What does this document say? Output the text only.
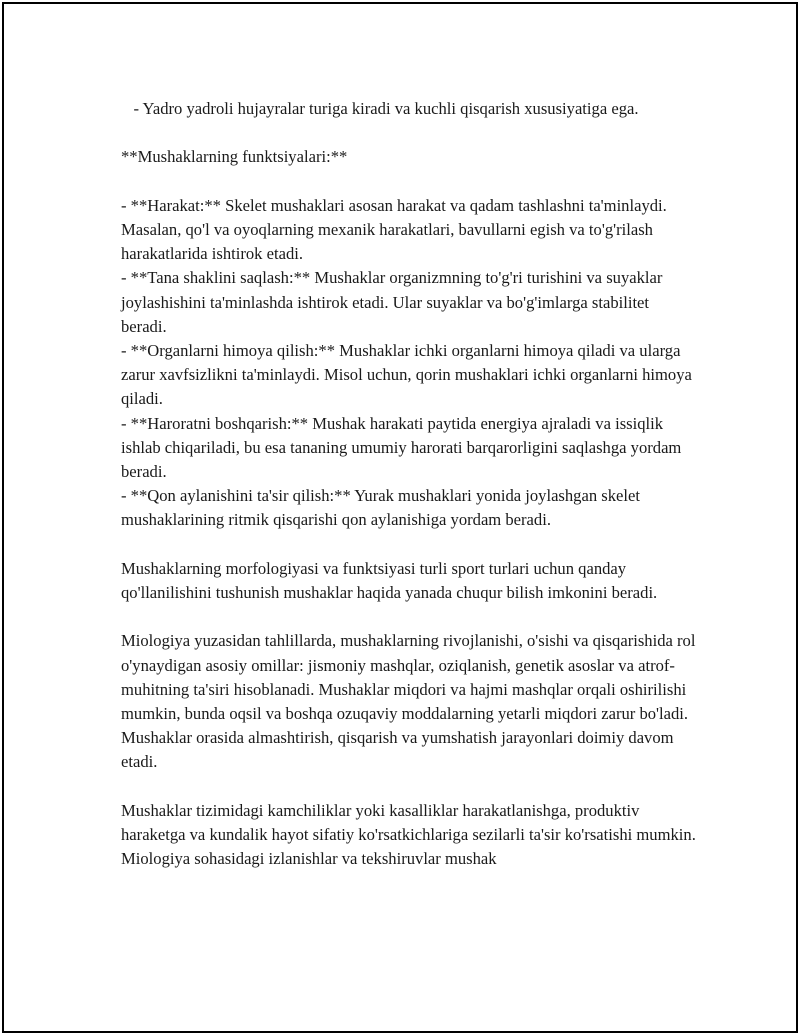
- Yadro yadroli hujayralar turiga kiradi va kuchli qisqarish xususiyatiga ega.

**Mushaklarning funktsiyalari:**

- **Harakat:** Skelet mushaklari asosan harakat va qadam tashlashni ta'minlaydi. Masalan, qo'l va oyoqlarning mexanik harakatlari, bavullarni egish va to'g'rilash harakatlarida ishtirok etadi.

- **Tana shaklini saqlash:** Mushaklar organizmning to'g'ri turishini va suyaklar joylashishini ta'minlashda ishtirok etadi. Ular suyaklar va bo'g'imlarga stabilitet beradi.

- **Organlarni himoya qilish:** Mushaklar ichki organlarni himoya qiladi va ularga zarur xavfsizlikni ta'minlaydi. Misol uchun, qorin mushaklari ichki organlarni himoya qiladi.

- **Haroratni boshqarish:** Mushak harakati paytida energiya ajraladi va issiqlik ishlab chiqariladi, bu esa tananing umumiy harorati barqarorligini saqlashga yordam beradi.

- **Qon aylanishini ta'sir qilish:** Yurak mushaklari yonida joylashgan skelet mushaklarining ritmik qisqarishi qon aylanishiga yordam beradi.

Mushaklarning morfologiyasi va funktsiyasi turli sport turlari uchun qanday qo'llanilishini tushunish mushaklar haqida yanada chuqur bilish imkonini beradi.

Miologiya yuzasidan tahlillarda, mushaklarning rivojlanishi, o'sishi va qisqarishida rol o'ynaydigan asosiy omillar: jismoniy mashqlar, oziqlanish, genetik asoslar va atrof-muhitning ta'siri hisoblanadi. Mushaklar miqdori va hajmi mashqlar orqali oshirilishi mumkin, bunda oqsil va boshqa ozuqaviy moddalarning yetarli miqdori zarur bo'ladi. Mushaklar orasida almashtirish, qisqarish va yumshatish jarayonlari doimiy davom etadi.

Mushaklar tizimidagi kamchiliklar yoki kasalliklar harakatlanishga, produktiv haraketga va kundalik hayot sifatiy ko'rsatkichlariga sezilarli ta'sir ko'rsatishi mumkin. Miologiya sohasidagi izlanishlar va tekshiruvlar mushak
